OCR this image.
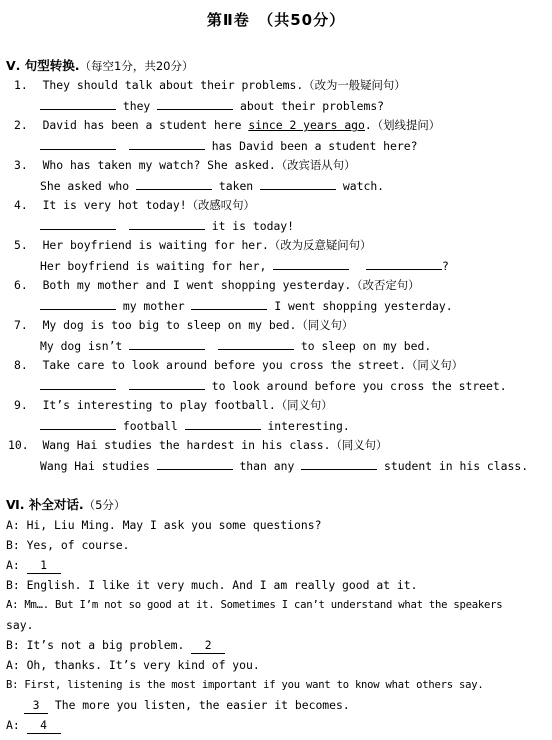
第Ⅱ卷　（共50分）
Ⅴ. 句型转换.（每空1分，共20分）
1. They should talk about their problems.（改为一般疑问句）
they	about their problems?
2. David has been a student here since 2 years ago.（划线提问）
has David been a student here?
3. Who has taken my watch? She asked.（改宾语从句）
She asked who	taken	watch.
4. It is very hot today!（改感叹句）
it is today!
5. Her boyfriend is waiting for her.（改为反意疑问句）
Her boyfriend is waiting for her,	?
6. Both my mother and I went shopping yesterday.（改否定句）
my mother	I went shopping yesterday.
7. My dog is too big to sleep on my bed.（同义句）
My dog isn’t	to sleep on my bed.
8. Take care to look around before you cross the street.（同义句）
to look around before you cross the street.
9. It’s interesting to play football.（同义句）
football	interesting.
10. Wang Hai studies the hardest in his class.（同义句）
Wang Hai studies	than any	student in his class.
Ⅵ. 补全对话.（5分）
A: Hi, Liu Ming. May I ask you some questions?
B: Yes, of course.
A: 1
B: English. I like it very much. And I am really good at it.
A: Mm…. But I’m not so good at it. Sometimes I can’t understand what the speakers
say.
B: It’s not a big problem. 2
A: Oh, thanks. It’s very kind of you.
B: First, listening is the most important if you want to know what others say.
3 The more you listen, the easier it becomes.
A: 4
